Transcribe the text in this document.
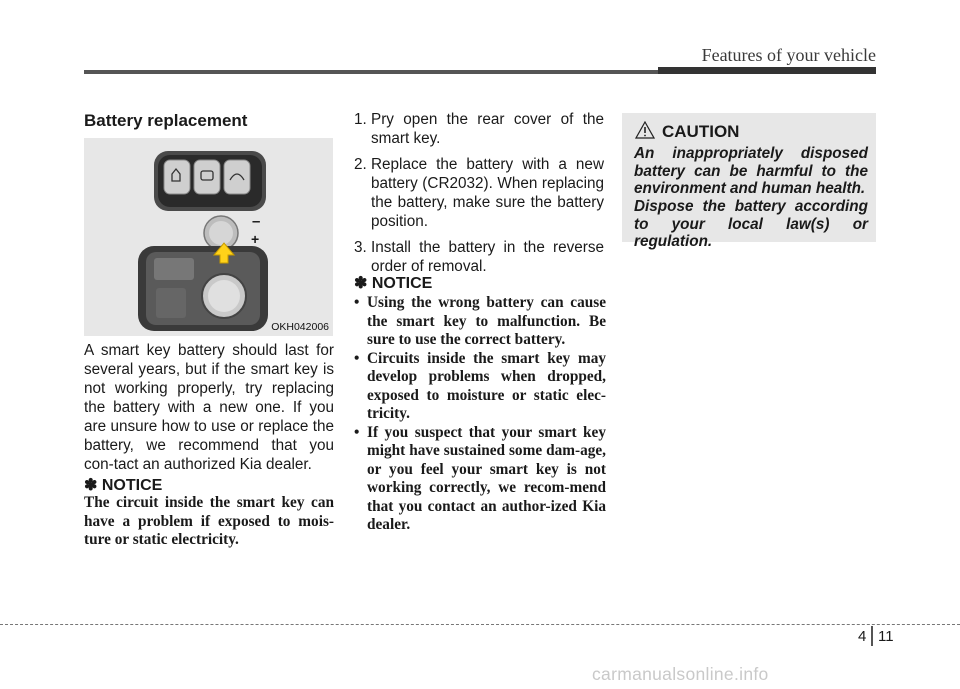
Features of your vehicle
Battery replacement
–
+
OKH042006
A smart key battery should last for several years, but if the smart key is not working properly, try replacing the battery with a new one. If you are unsure how to use or replace the battery, we recommend that you con-tact an authorized Kia dealer.
✽ NOTICE
The circuit inside the smart key can have a problem if exposed to mois-ture or static electricity.
1. Pry open the rear cover of the smart key.
2. Replace the battery with a new battery (CR2032). When replacing the battery, make sure the battery position.
3. Install the battery in the reverse order of removal.
✽ NOTICE
• Using the wrong battery can cause the smart key to malfunction. Be sure to use the correct battery.
• Circuits inside the smart key may develop problems when dropped, exposed to moisture or static elec-tricity.
• If you suspect that your smart key might have sustained some dam-age, or you feel your smart key is not working correctly, we recom-mend that you contact an author-ized Kia dealer.
CAUTION
An inappropriately disposed battery can be harmful to the environment and human health.
Dispose the battery according to your local law(s) or regulation.
4 11
carmanualsonline.info
